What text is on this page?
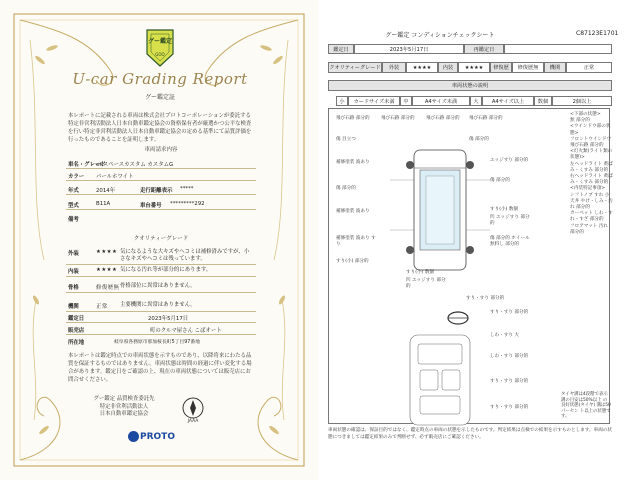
グー鑑定
GOO
U-car Grading Report
グー鑑定証
本レポートに記載される車両は株式会社プロトコーポレーションが委託する特定非営利活動法人日本自動車鑑定協会の資格保有者が厳選かつ公平な検査を行い特定非営利活動法人日本自動車鑑定協会の定める基準にて品質評価を行ったものであることを証明します。
車両請求内容
車名・グレード
eKスペースカスタム カスタムG
カラー パールホワイト
年式	2014年	走行距離表示 *****
型式	B11A	車台番号 *********292
備考
クオリティーグレード
外装	★★★★ 気になるような大キズやヘコミは補修済みですが、小さなキズやヘコミは残っています。
内装	★★★★ 気になる汚れ等が部分的にあります。
骨格	修復歴無 骨格部位に異常はありません。
機関	正常 主要機関に異常はありません。
鑑定日	2023年5月17日
販売店	町のクルマ屋さん こばオート
所在地	岐阜県各務原市那加桜長町5丁目97番地
本レポートは鑑定時点での車両状態を示すものであり、以降将来にわたる品質を保証するものではありません。車両状態は時間の経過に伴い変化する場合があります。鑑定日をご確認の上、現在の車両状態については販売店にお問合せください。
グー鑑定 品質検査委託先
特定非営利活動法人
日本自動車鑑定協会
JAAA
PROTO
グー鑑定 コンディションチェックシート	C87123E1701
鑑定日	2023年5月17日	再鑑定日
クオリティーグレード	外装	★★★★	内装	★★★★	修復歴	修復歴無	機関	正常
車両状態の説明
小	カードサイズ未満	中	A4サイズ未満	大	A4サイズ以上	数個	2個以上
飛び石跡 部分的	飛び石跡 部分的	飛び石跡 部分的	飛び石跡 部分的
傷 目立つ	傷 部分的
補修塗装 波あり	エッジすり 部分的
傷 部分的
傷 部分的
補修塗装 波あり	すり(小) 数個
凹 エッジすり 部分的
補修塗装 波あり すり
傷 部分的 ホイール 無料し 部分的
すり(小) 部分的
すり(小) 数個
凹 エッジすり 部分的
すり・すり 部分的
すり・すり 部分的
しわ・すり 大
しわ・すり 部分的
すり・すり 部分的
すり・すり 部分的
<下部の状態>
無 部分的
<ウインドウ部の状態>
フロントウインドウ 飛び石跡 部分的
<灯火類(ライト類の状態)>
左ヘッドライト 黄ばみ・くすみ 部分的
右ヘッドライト 黄ばみ・くすみ 部分的
<内装特記事項>
シフトノブ すれ 小
天井 やけ・しみ・汚れ 部分的
カーペット しわ・すれ・すざ 部分的
フロアマット 汚れ 部分的
タイヤ溝は4段階で表示 溝の目安は50%以上 の良好状態(タイヤ) 溝は50パーセン ト以上の状態です。
車両状態の確認は、保証目的ではなく、鑑定時点の車両の状態を示したものです。判定結果は点検での結果を示すものとします。車両の状態につきましては鑑定結果のみで判断せず、必ず販売店にご確認ください。
